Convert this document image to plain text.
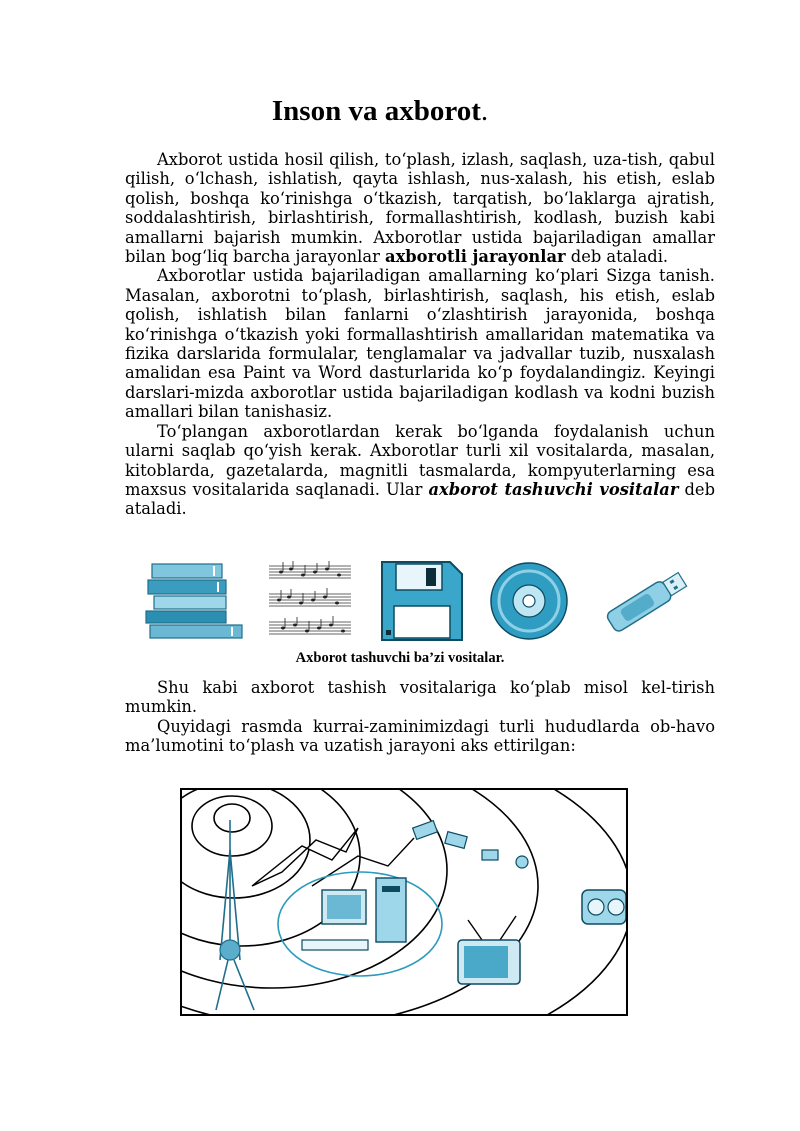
Inson va axborot.

Axborot ustida hosil qilish, to‘plash, izlash, saqlash, uza-tish, qabul qilish, o‘lchash, ishlatish, qayta ishlash, nus-xalash, his etish, eslab qolish, boshqa ko‘rinishga o‘tkazish, tarqatish, bo‘laklarga ajratish, soddalashtirish, birlashtirish, formallashtirish, kodlash, buzish kabi amallarni bajarish mumkin. Axborotlar ustida bajariladigan amallar bilan bog‘liq barcha jarayonlar axborotli jarayonlar deb ataladi.

Axborotlar ustida bajariladigan amallarning ko‘plari Sizga tanish. Masalan, axborotni to‘plash, birlashtirish, saqlash, his etish, eslab qolish, ishlatish bilan fanlarni o‘zlashtirish jarayonida, boshqa ko‘rinishga o‘tkazish yoki formallashtirish amallaridan matematika va fizika darslarida formulalar, tenglamalar va jadvallar tuzib, nusxalash amalidan esa Paint va Word dasturlarida ko‘p foydalandingiz. Keyingi darslari-mizda axborotlar ustida bajariladigan kodlash va kodni buzish amallari bilan tanishasiz.

To‘plangan axborotlardan kerak bo‘lganda foydalanish uchun ularni saqlab qo‘yish kerak. Axborotlar turli xil vositalarda, masalan, kitoblarda, gazetalarda, magnitli tasmalarda, kompyuterlarning esa maxsus vositalarida saqlanadi. Ular axborot tashuvchi vositalar deb ataladi.

Axborot tashuvchi ba’zi vositalar.

Shu kabi axborot tashish vositalariga ko‘plab misol kel-tirish mumkin.

Quyidagi rasmda kurrai-zaminimizdagi turli hududlarda ob-havo ma’lumotini to‘plash va uzatish jarayoni aks ettirilgan:
